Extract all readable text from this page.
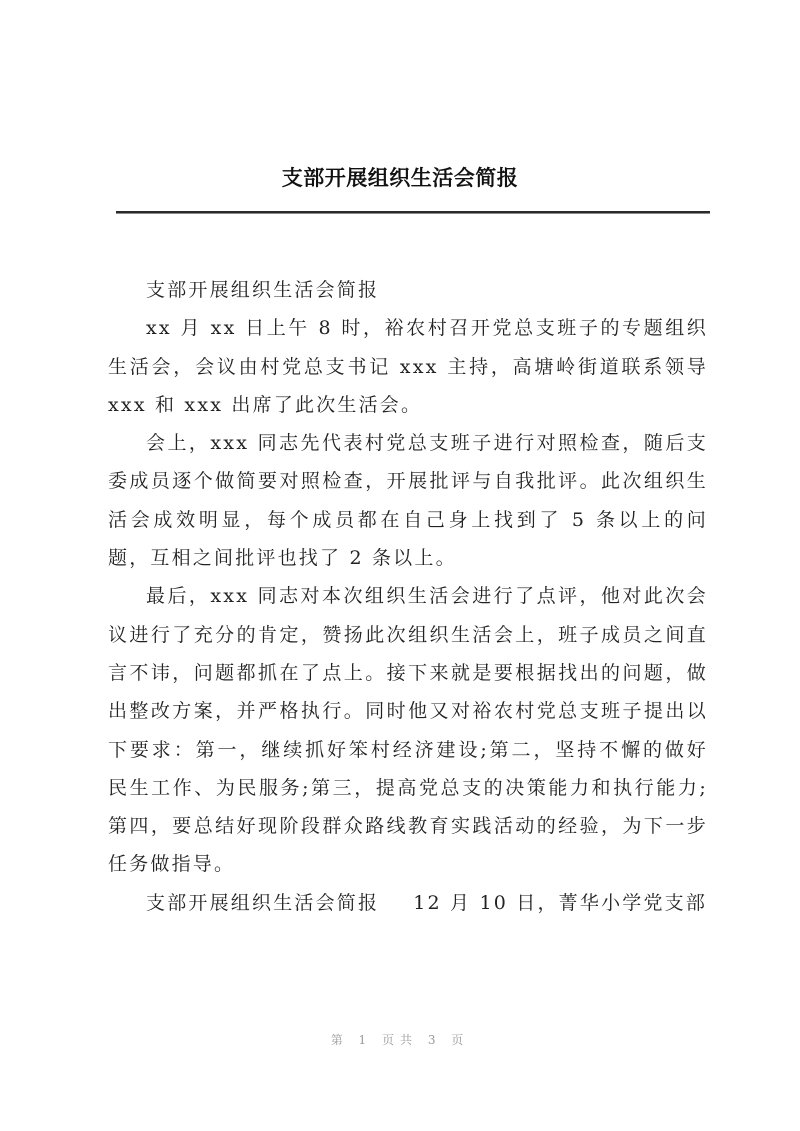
支部开展组织生活会简报

支部开展组织生活会简报

xx 月 xx 日上午 8 时，裕农村召开党总支班子的专题组织生活会，会议由村党总支书记 xxx 主持，高塘岭街道联系领导 xxx 和 xxx 出席了此次生活会。

会上，xxx 同志先代表村党总支班子进行对照检查，随后支委成员逐个做简要对照检查，开展批评与自我批评。此次组织生活会成效明显，每个成员都在自己身上找到了 5 条以上的问题，互相之间批评也找了 2 条以上。

最后，xxx 同志对本次组织生活会进行了点评，他对此次会议进行了充分的肯定，赞扬此次组织生活会上，班子成员之间直言不讳，问题都抓在了点上。接下来就是要根据找出的问题，做出整改方案，并严格执行。同时他又对裕农村党总支班子提出以下要求：第一，继续抓好笨村经济建设;第二，坚持不懈的做好民生工作、为民服务;第三，提高党总支的决策能力和执行能力;第四，要总结好现阶段群众路线教育实践活动的经验，为下一步任务做指导。

支部开展组织生活会简报 12 月 10 日，菁华小学党支部

第 1 页共 3 页
